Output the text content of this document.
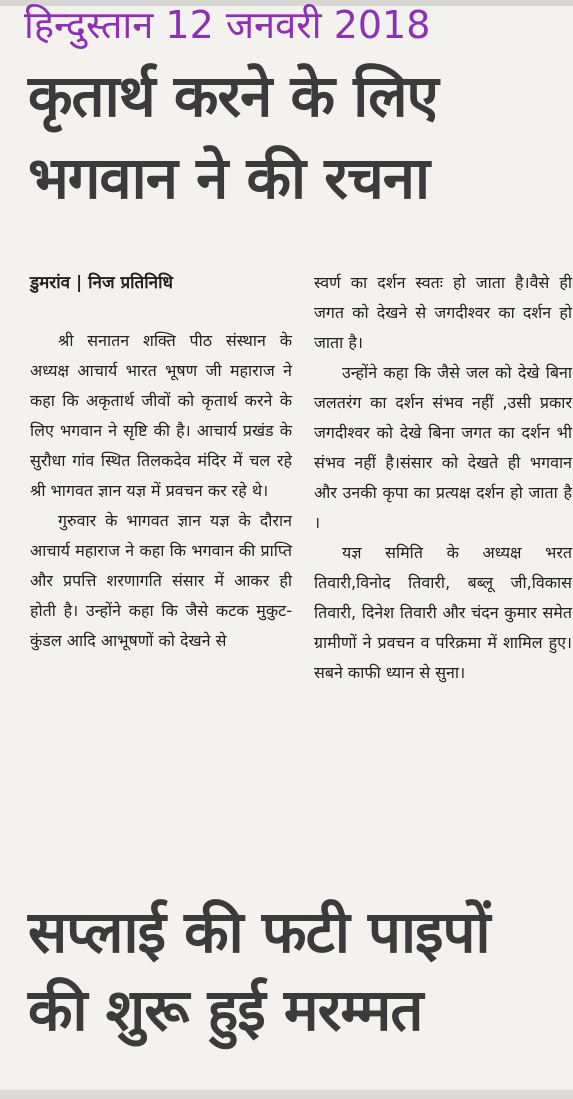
हिन्दुस्तान 12 जनवरी 2018
कृतार्थ करने के लिए
भगवान ने की रचना

डुमरांव | निज प्रतिनिधि

श्री सनातन शक्ति पीठ संस्थान के अध्यक्ष आचार्य भारत भूषण जी महाराज ने कहा कि अकृतार्थ जीवों को कृतार्थ करने के लिए भगवान ने सृष्टि की है। आचार्य प्रखंड के सुरौधा गांव स्थित तिलकदेव मंदिर में चल रहे श्री भागवत ज्ञान यज्ञ में प्रवचन कर रहे थे।

गुरुवार के भागवत ज्ञान यज्ञ के दौरान आचार्य महाराज ने कहा कि भगवान की प्राप्ति और प्रपत्ति शरणागति संसार में आकर ही होती है। उन्होंने कहा कि जैसे कटक मुकुट-कुंडल आदि आभूषणों को देखने से

स्वर्ण का दर्शन स्वतः हो जाता है।वैसे ही जगत को देखने से जगदीश्वर का दर्शन हो जाता है।

उन्होंने कहा कि जैसे जल को देखे बिना जलतरंग का दर्शन संभव नहीं ,उसी प्रकार जगदीश्वर को देखे बिना जगत का दर्शन भी संभव नहीं है।संसार को देखते ही भगवान और उनकी कृपा का प्रत्यक्ष दर्शन हो जाता है ।

यज्ञ समिति के अध्यक्ष भरत तिवारी,विनोद तिवारी, बब्लू जी,विकास तिवारी, दिनेश तिवारी और चंदन कुमार समेत ग्रामीणों ने प्रवचन व परिक्रमा में शामिल हुए। सबने काफी ध्यान से सुना।

सप्लाई की फटी पाइपों
की शुरू हुई मरम्मत
